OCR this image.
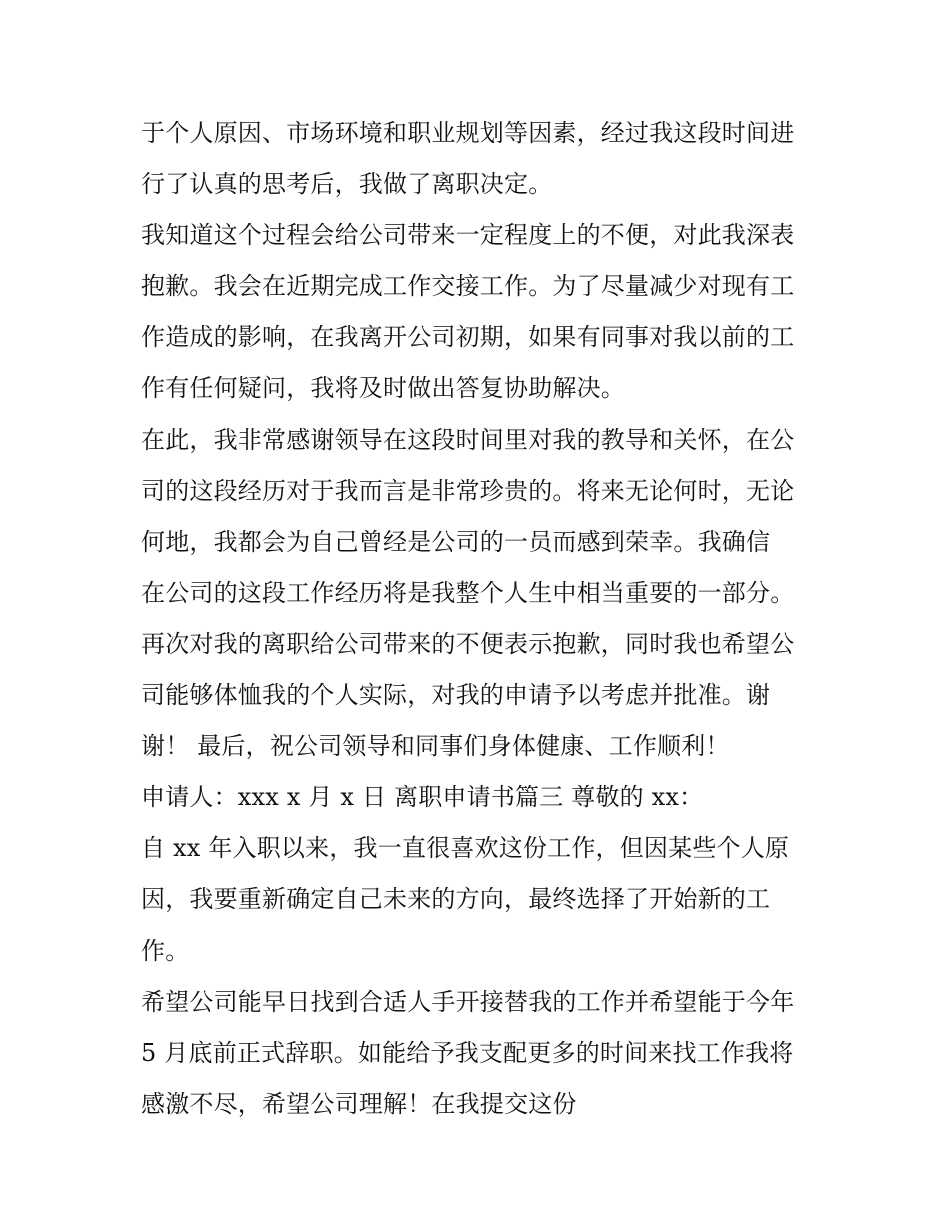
于个人原因、市场环境和职业规划等因素，经过我这段时间进
行了认真的思考后，我做了离职决定。
我知道这个过程会给公司带来一定程度上的不便，对此我深表
抱歉。我会在近期完成工作交接工作。为了尽量减少对现有工
作造成的影响，在我离开公司初期，如果有同事对我以前的工
作有任何疑问，我将及时做出答复协助解决。
在此，我非常感谢领导在这段时间里对我的教导和关怀，在公
司的这段经历对于我而言是非常珍贵的。将来无论何时，无论
何地，我都会为自己曾经是公司的一员而感到荣幸。我确信
在公司的这段工作经历将是我整个人生中相当重要的一部分。
再次对我的离职给公司带来的不便表示抱歉，同时我也希望公
司能够体恤我的个人实际，对我的申请予以考虑并批准。谢
谢！ 最后，祝公司领导和同事们身体健康、工作顺利！
申请人：xxx x 月 x 日 离职申请书篇三 尊敬的 xx：
自 xx 年入职以来，我一直很喜欢这份工作，但因某些个人原
因，我要重新确定自己未来的方向，最终选择了开始新的工
作。
希望公司能早日找到合适人手开接替我的工作并希望能于今年
5 月底前正式辞职。如能给予我支配更多的时间来找工作我将
感激不尽，希望公司理解！在我提交这份
